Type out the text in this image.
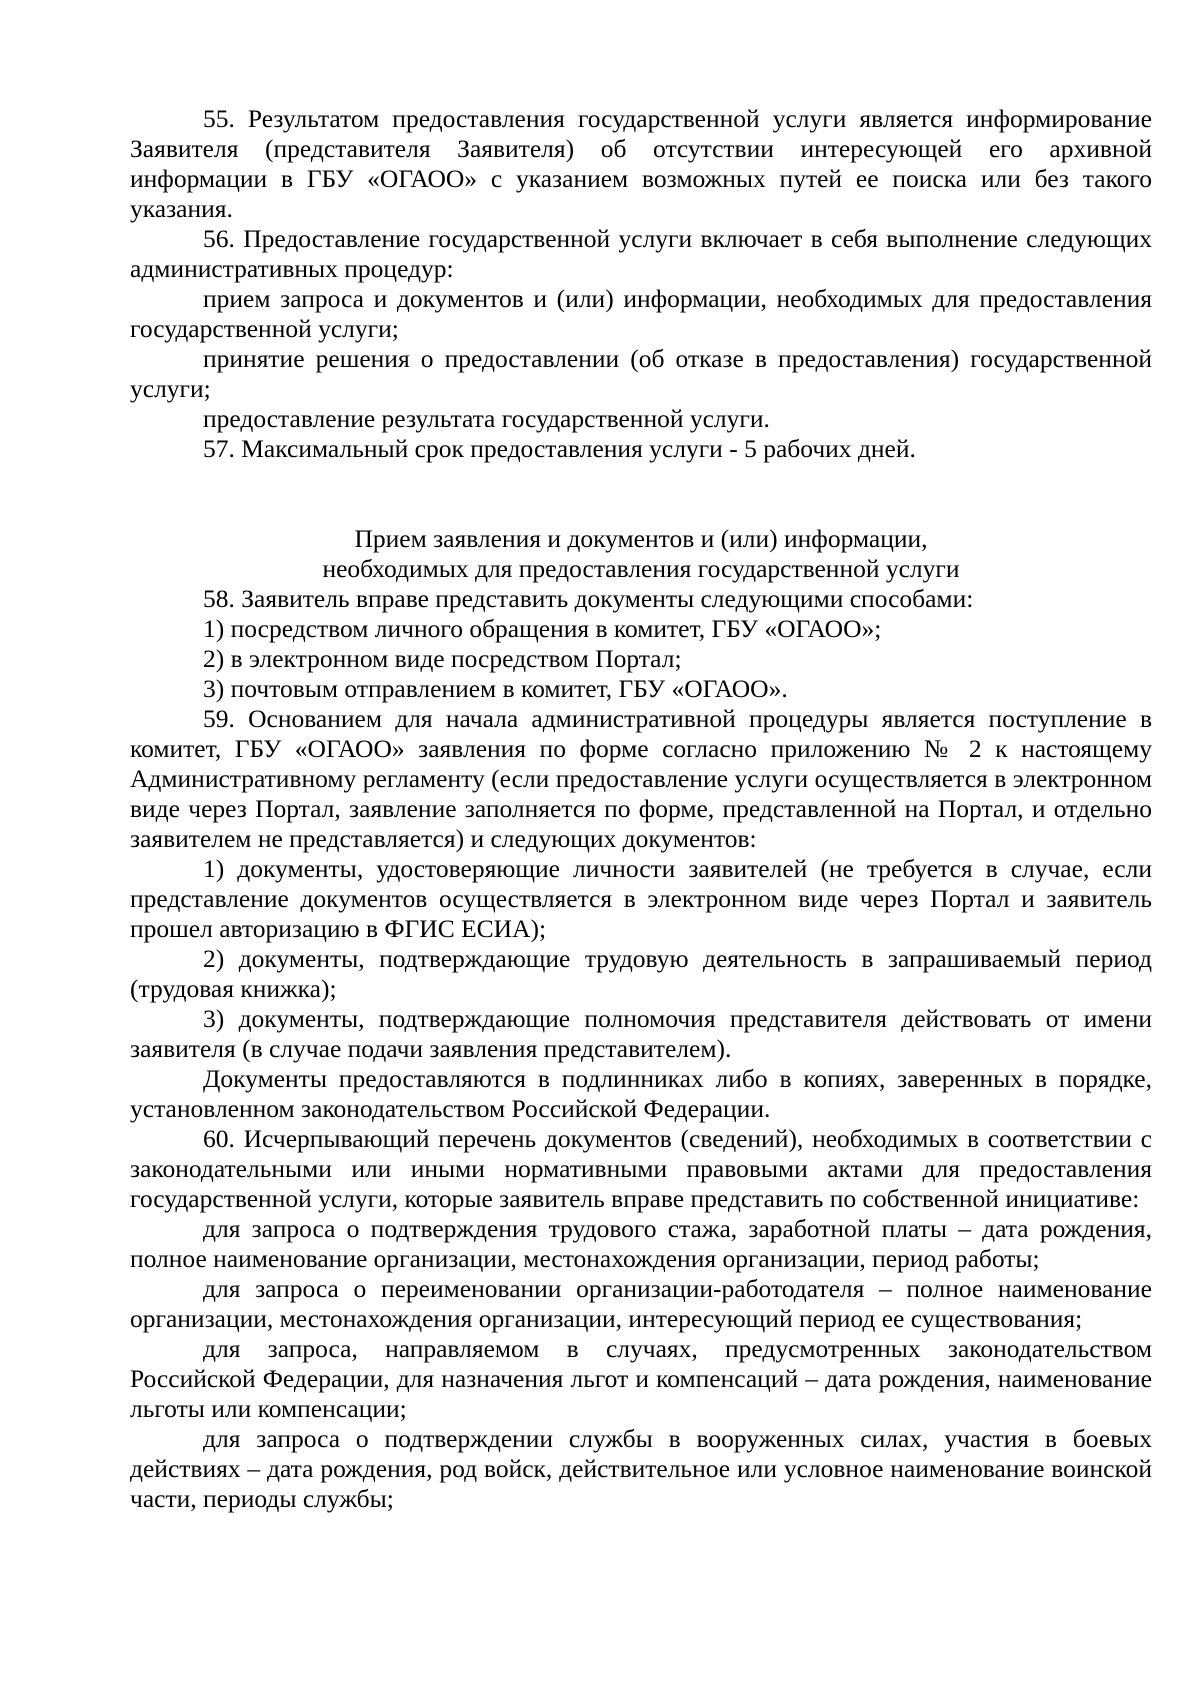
55. Результатом предоставления государственной услуги является информирование Заявителя (представителя Заявителя) об отсутствии интересующей его архивной информации в ГБУ «ОГАОО» с указанием возможных путей ее поиска или без такого указания.

56. Предоставление государственной услуги включает в себя выполнение следующих административных процедур:

прием запроса и документов и (или) информации, необходимых для предоставления государственной услуги;

принятие решения о предоставлении (об отказе в предоставления) государственной услуги;

предоставление результата государственной услуги.

57. Максимальный срок предоставления услуги - 5 рабочих дней.

Прием заявления и документов и (или) информации,

необходимых для предоставления государственной услуги

58. Заявитель вправе представить документы следующими способами:

1) посредством личного обращения в комитет, ГБУ «ОГАОО»;

2) в электронном виде посредством Портал;

3) почтовым отправлением в комитет, ГБУ «ОГАОО».

59. Основанием для начала административной процедуры является поступление в комитет, ГБУ «ОГАОО» заявления по форме согласно приложению № 2 к настоящему Административному регламенту (если предоставление услуги осуществляется в электронном виде через Портал, заявление заполняется по форме, представленной на Портал, и отдельно заявителем не представляется) и следующих документов:

1) документы, удостоверяющие личности заявителей (не требуется в случае, если представление документов осуществляется в электронном виде через Портал и заявитель прошел авторизацию в ФГИС ЕСИА);

2) документы, подтверждающие трудовую деятельность в запрашиваемый период (трудовая книжка);

3) документы, подтверждающие полномочия представителя действовать от имени заявителя (в случае подачи заявления представителем).

Документы предоставляются в подлинниках либо в копиях, заверенных в порядке, установленном законодательством Российской Федерации.

60. Исчерпывающий перечень документов (сведений), необходимых в соответствии с законодательными или иными нормативными правовыми актами для предоставления государственной услуги, которые заявитель вправе представить по собственной инициативе:

для запроса о подтверждения трудового стажа, заработной платы – дата рождения, полное наименование организации, местонахождения организации, период работы;

для запроса о переименовании организации-работодателя – полное наименование организации, местонахождения организации, интересующий период ее существования;

для запроса, направляемом в случаях, предусмотренных законодательством Российской Федерации, для назначения льгот и компенсаций – дата рождения, наименование льготы или компенсации;

для запроса о подтверждении службы в вооруженных силах, участия в боевых действиях – дата рождения, род войск, действительное или условное наименование воинской части, периоды службы;
